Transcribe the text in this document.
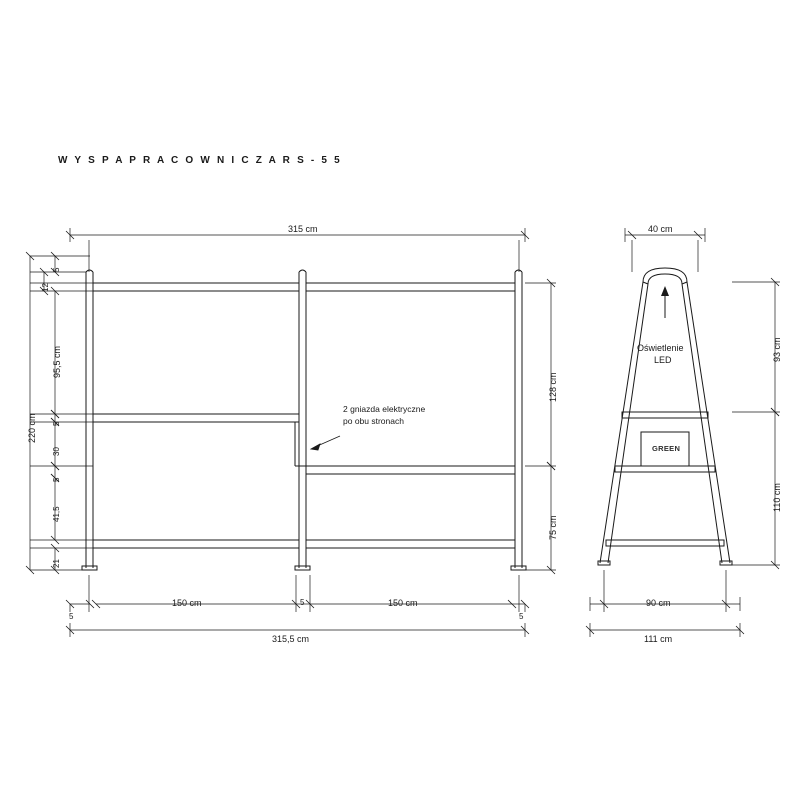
W Y S P A P R A C O W N I C Z A R S - 5 5
315 cm
5
12
95,5 cm
5
30
5
41,5
21
220 cm
128 cm
75 cm
150 cm	150 cm
5
5
5
315,5 cm
2 gniazda elektryczne
po obu stronach
40 cm
93 cm
110 cm
90 cm
111 cm
Oświetlenie
LED
GREEN
